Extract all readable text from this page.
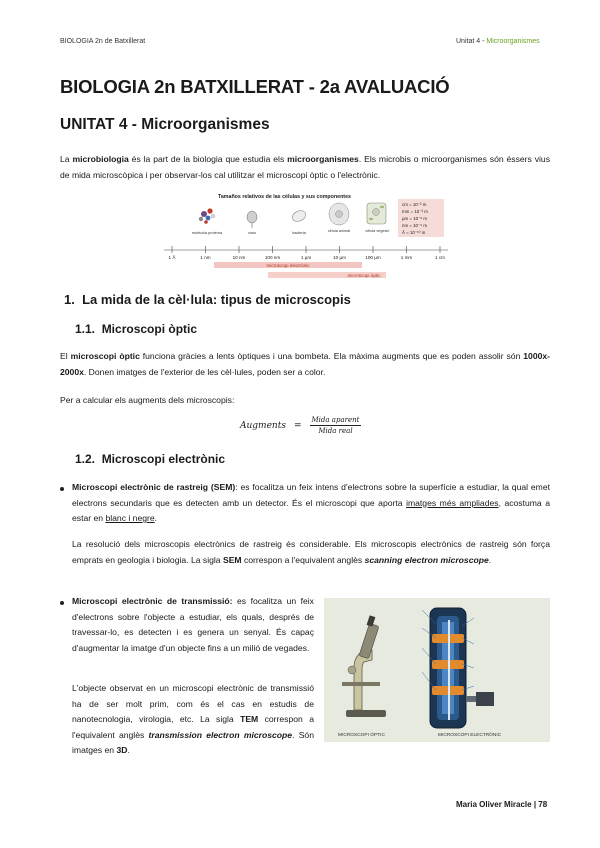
BIOLOGIA 2n de Batxillerat	Unitat 4 - Microorganismes
BIOLOGIA 2n BATXILLERAT - 2a AVALUACIÓ
UNITAT 4 - Microorganismes

La microbiologia és la part de la biologia que estudia els microorganismes. Els microbis o microorganismes són éssers vius de mida microscòpica i per observar-los cal utilitzar el microscopi òptic o l'electrònic.

Tamaños relativos de las células y sus componentes
molécula proteína	virus	bacteria	célula animal	célula vegetal
cm = 10⁻² m
mm = 10⁻³ m
µm = 10⁻⁶ m
nm = 10⁻⁹ m
Å = 10⁻¹⁰ m
1 Å	1 nm	10 nm	100 nm	1 µm	10 µm	100 µm	1 mm	1 cm
microscopi electrònic
microscopi òptic
1. La mida de la cèl·lula: tipus de microscopis
1.1. Microscopi òptic

El microscopi òptic funciona gràcies a lents òptiques i una bombeta. Ela màxima augments que es poden assolir són 1000x-2000x. Donen imatges de l'exterior de les cèl·lules, poden ser a color.

Per a calcular els augments dels microscopis:

Augments = $\frac{\text{Mida aparent}}{\text{Mida real}}$
1.2. Microscopi electrònic

Microscopi electrònic de rastreig (SEM): es focalitza un feix intens d'electrons sobre la superfície a estudiar, la qual emet electrons secundaris que es detecten amb un detector. És el microscopi que aporta imatges més ampliades, acostuma a estar en blanc i negre.

La resolució dels microscopis electrònics de rastreig és considerable. Els microscopis electrònics de rastreig són força emprats en geologia i biologia. La sigla SEM correspon a l'equivalent anglès scanning electron microscope.

Microscopi electrònic de transmissió: es focalitza un feix d'electrons sobre l'objecte a estudiar, els quals, després de travessar-lo, es detecten i es genera un senyal. És capaç d'augmentar la imatge d'un objecte fins a un milió de vegades.

L'objecte observat en un microscopi electrònic de transmissió ha de ser molt prim, com és el cas en estudis de nanotecnologia, virologia, etc. La sigla TEM correspon a l'equivalent anglès transmission electron microscope. Són imatges en 3D.

MICROSCOPI ÒPTIC	MICROSCOPI ELECTRÒNIC
Maria Oliver Miracle | 78
